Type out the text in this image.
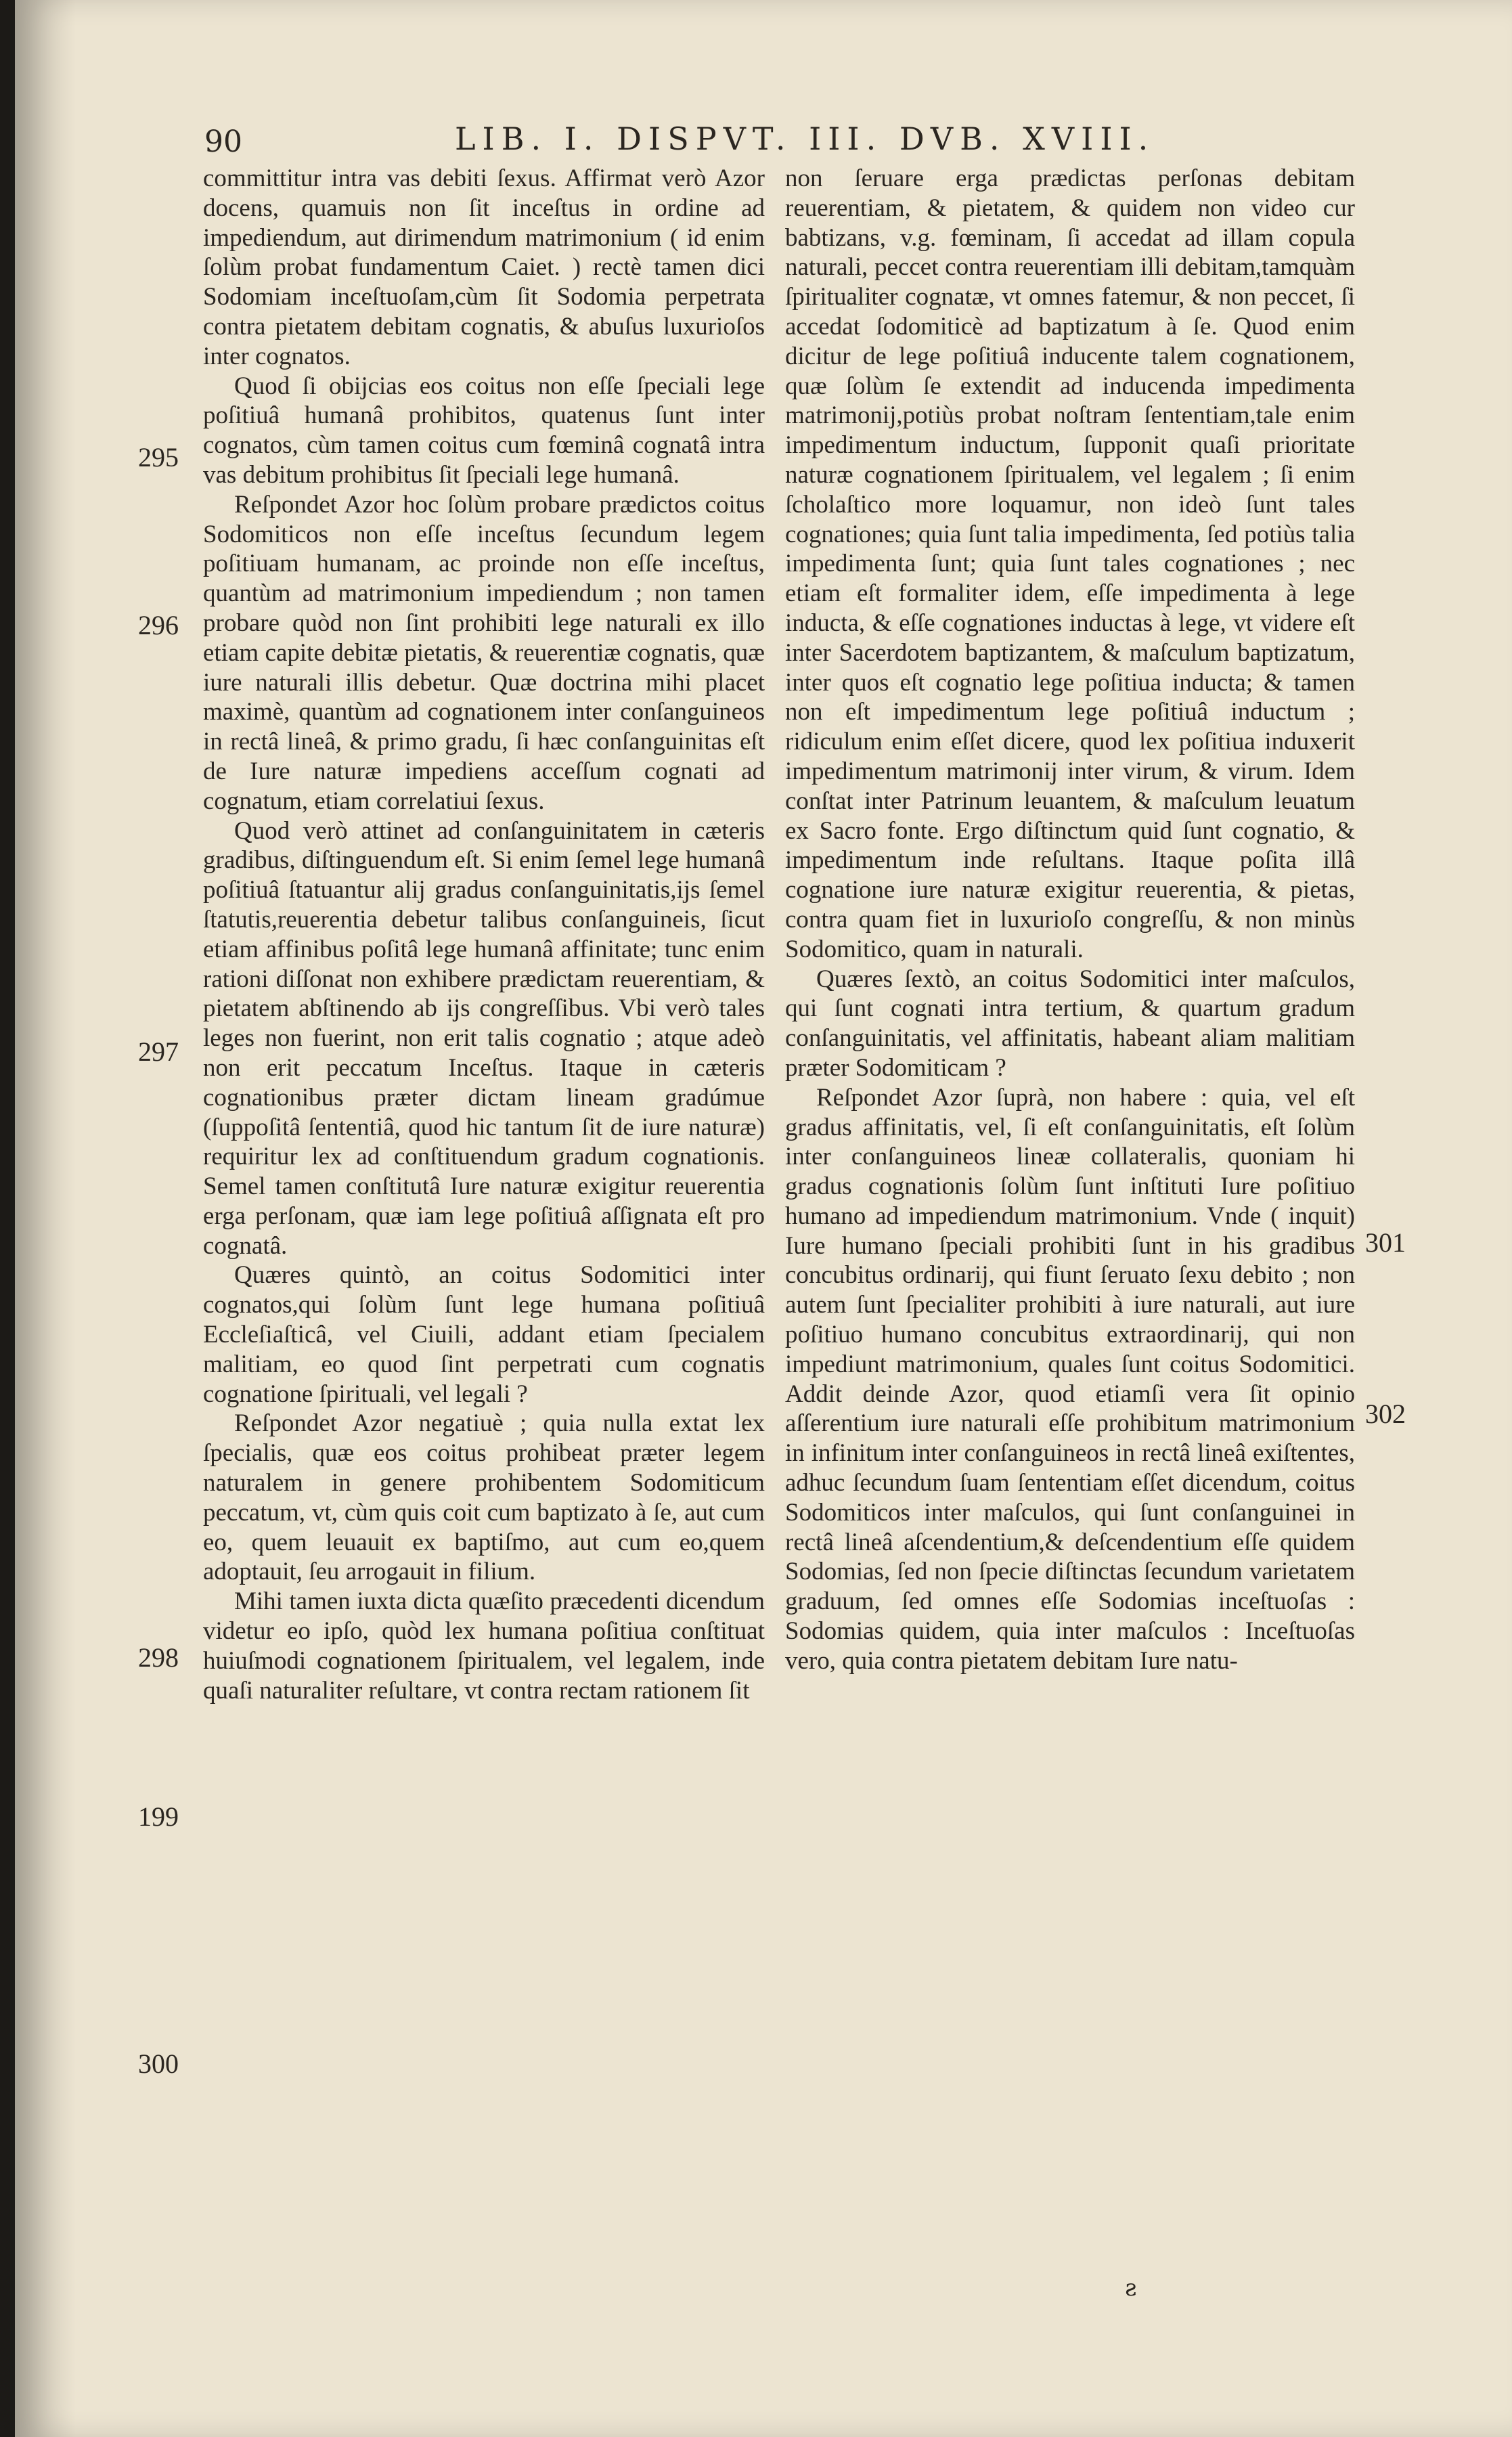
90	LIB. I. DISPVT. III. DVB. XVIII.

committitur intra vas debiti ſexus. Affirmat verò Azor docens, quamuis non ſit inceſtus in ordine ad impediendum, aut dirimendum matrimonium ( id enim ſolùm probat fundamentum Caiet. ) rectè tamen dici Sodomiam inceſtuoſam,cùm ſit Sodomia perpetrata contra pietatem debitam cognatis, & abuſus luxurioſos inter cognatos.

Quod ſi obijcias eos coitus non eſſe ſpeciali lege poſitiuâ humanâ prohibitos, quatenus ſunt inter cognatos, cùm tamen coitus cum fœminâ cognatâ intra vas debitum prohibitus ſit ſpeciali lege humanâ.

Reſpondet Azor hoc ſolùm probare prædictos coitus Sodomiticos non eſſe inceſtus ſecundum legem poſitiuam humanam, ac proinde non eſſe inceſtus, quantùm ad matrimonium impediendum ; non tamen probare quòd non ſint prohibiti lege naturali ex illo etiam capite debitæ pietatis, & reuerentiæ cognatis, quæ iure naturali illis debetur. Quæ doctrina mihi placet maximè, quantùm ad cognationem inter conſanguineos in rectâ lineâ, & primo gradu, ſi hæc conſanguinitas eſt de Iure naturæ impediens acceſſum cognati ad cognatum, etiam correlatiui ſexus.

Quod verò attinet ad conſanguinitatem in cæteris gradibus, diſtinguendum eſt. Si enim ſemel lege humanâ poſitiuâ ſtatuantur alij gradus conſanguinitatis,ijs ſemel ſtatutis,reuerentia debetur talibus conſanguineis, ſicut etiam affinibus poſitâ lege humanâ affinitate; tunc enim rationi diſſonat non exhibere prædictam reuerentiam, & pietatem abſtinendo ab ijs congreſſibus. Vbi verò tales leges non fuerint, non erit talis cognatio ; atque adeò non erit peccatum Inceſtus. Itaque in cæteris cognationibus præter dictam lineam gradúmue (ſuppoſitâ ſententiâ, quod hic tantum ſit de iure naturæ) requiritur lex ad conſtituendum gradum cognationis. Semel tamen conſtitutâ Iure naturæ exigitur reuerentia erga perſonam, quæ iam lege poſitiuâ aſſignata eſt pro cognatâ.

Quæres quintò, an coitus Sodomitici inter cognatos,qui ſolùm ſunt lege humana poſitiuâ Eccleſiaſticâ, vel Ciuili, addant etiam ſpecialem malitiam, eo quod ſint perpetrati cum cognatis cognatione ſpirituali, vel legali ?

Reſpondet Azor negatiuè ; quia nulla extat lex ſpecialis, quæ eos coitus prohibeat præter legem naturalem in genere prohibentem Sodomiticum peccatum, vt, cùm quis coit cum baptizato à ſe, aut cum eo, quem leuauit ex baptiſmo, aut cum eo,quem adoptauit, ſeu arrogauit in filium.

Mihi tamen iuxta dicta quæſito præcedenti dicendum videtur eo ipſo, quòd lex humana poſitiua conſtituat huiuſmodi cognationem ſpiritualem, vel legalem, inde quaſi naturaliter reſultare, vt contra rectam rationem ſit

non ſeruare erga prædictas perſonas debitam reuerentiam, & pietatem, & quidem non video cur babtizans, v.g. fœminam, ſi accedat ad illam copula naturali, peccet contra reuerentiam illi debitam,tamquàm ſpiritualiter cognatæ, vt omnes fatemur, & non peccet, ſi accedat ſodomiticè ad baptizatum à ſe. Quod enim dicitur de lege poſitiuâ inducente talem cognationem, quæ ſolùm ſe extendit ad inducenda impedimenta matrimonij,potiùs probat noſtram ſententiam,tale enim impedimentum inductum, ſupponit quaſi prioritate naturæ cognationem ſpiritualem, vel legalem ; ſi enim ſcholaſtico more loquamur, non ideò ſunt tales cognationes; quia ſunt talia impedimenta, ſed potiùs talia impedimenta ſunt; quia ſunt tales cognationes ; nec etiam eſt formaliter idem, eſſe impedimenta à lege inducta, & eſſe cognationes inductas à lege, vt videre eſt inter Sacerdotem baptizantem, & maſculum baptizatum, inter quos eſt cognatio lege poſitiua inducta; & tamen non eſt impedimentum lege poſitiuâ inductum ; ridiculum enim eſſet dicere, quod lex poſitiua induxerit impedimentum matrimonij inter virum, & virum. Idem conſtat inter Patrinum leuantem, & maſculum leuatum ex Sacro fonte. Ergo diſtinctum quid ſunt cognatio, & impedimentum inde reſultans. Itaque poſita illâ cognatione iure naturæ exigitur reuerentia, & pietas, contra quam fiet in luxurioſo congreſſu, & non minùs Sodomitico, quam in naturali.

Quæres ſextò, an coitus Sodomitici inter maſculos, qui ſunt cognati intra tertium, & quartum gradum conſanguinitatis, vel affinitatis, habeant aliam malitiam præter Sodomiticam ?

Reſpondet Azor ſuprà, non habere : quia, vel eſt gradus affinitatis, vel, ſi eſt conſanguinitatis, eſt ſolùm inter conſanguineos lineæ collateralis, quoniam hi gradus cognationis ſolùm ſunt inſtituti Iure poſitiuo humano ad impediendum matrimonium. Vnde ( inquit) Iure humano ſpeciali prohibiti ſunt in his gradibus concubitus ordinarij, qui fiunt ſeruato ſexu debito ; non autem ſunt ſpecialiter prohibiti à iure naturali, aut iure poſitiuo humano concubitus extraordinarij, qui non impediunt matrimonium, quales ſunt coitus Sodomitici. Addit deinde Azor, quod etiamſi vera ſit opinio aſſerentium iure naturali eſſe prohibitum matrimonium in infinitum inter conſanguineos in rectâ lineâ exiſtentes, adhuc ſecundum ſuam ſententiam eſſet dicendum, coitus Sodomiticos inter maſculos, qui ſunt conſanguinei in rectâ lineâ aſcendentium,& deſcendentium eſſe quidem Sodomias, ſed non ſpecie diſtinctas ſecundum varietatem graduum, ſed omnes eſſe Sodomias inceſtuoſas : Sodomias quidem, quia inter maſculos : Inceſtuoſas vero, quia contra pietatem debitam Iure natu-

295
296
297
298
199
300
301
302
ƨ
